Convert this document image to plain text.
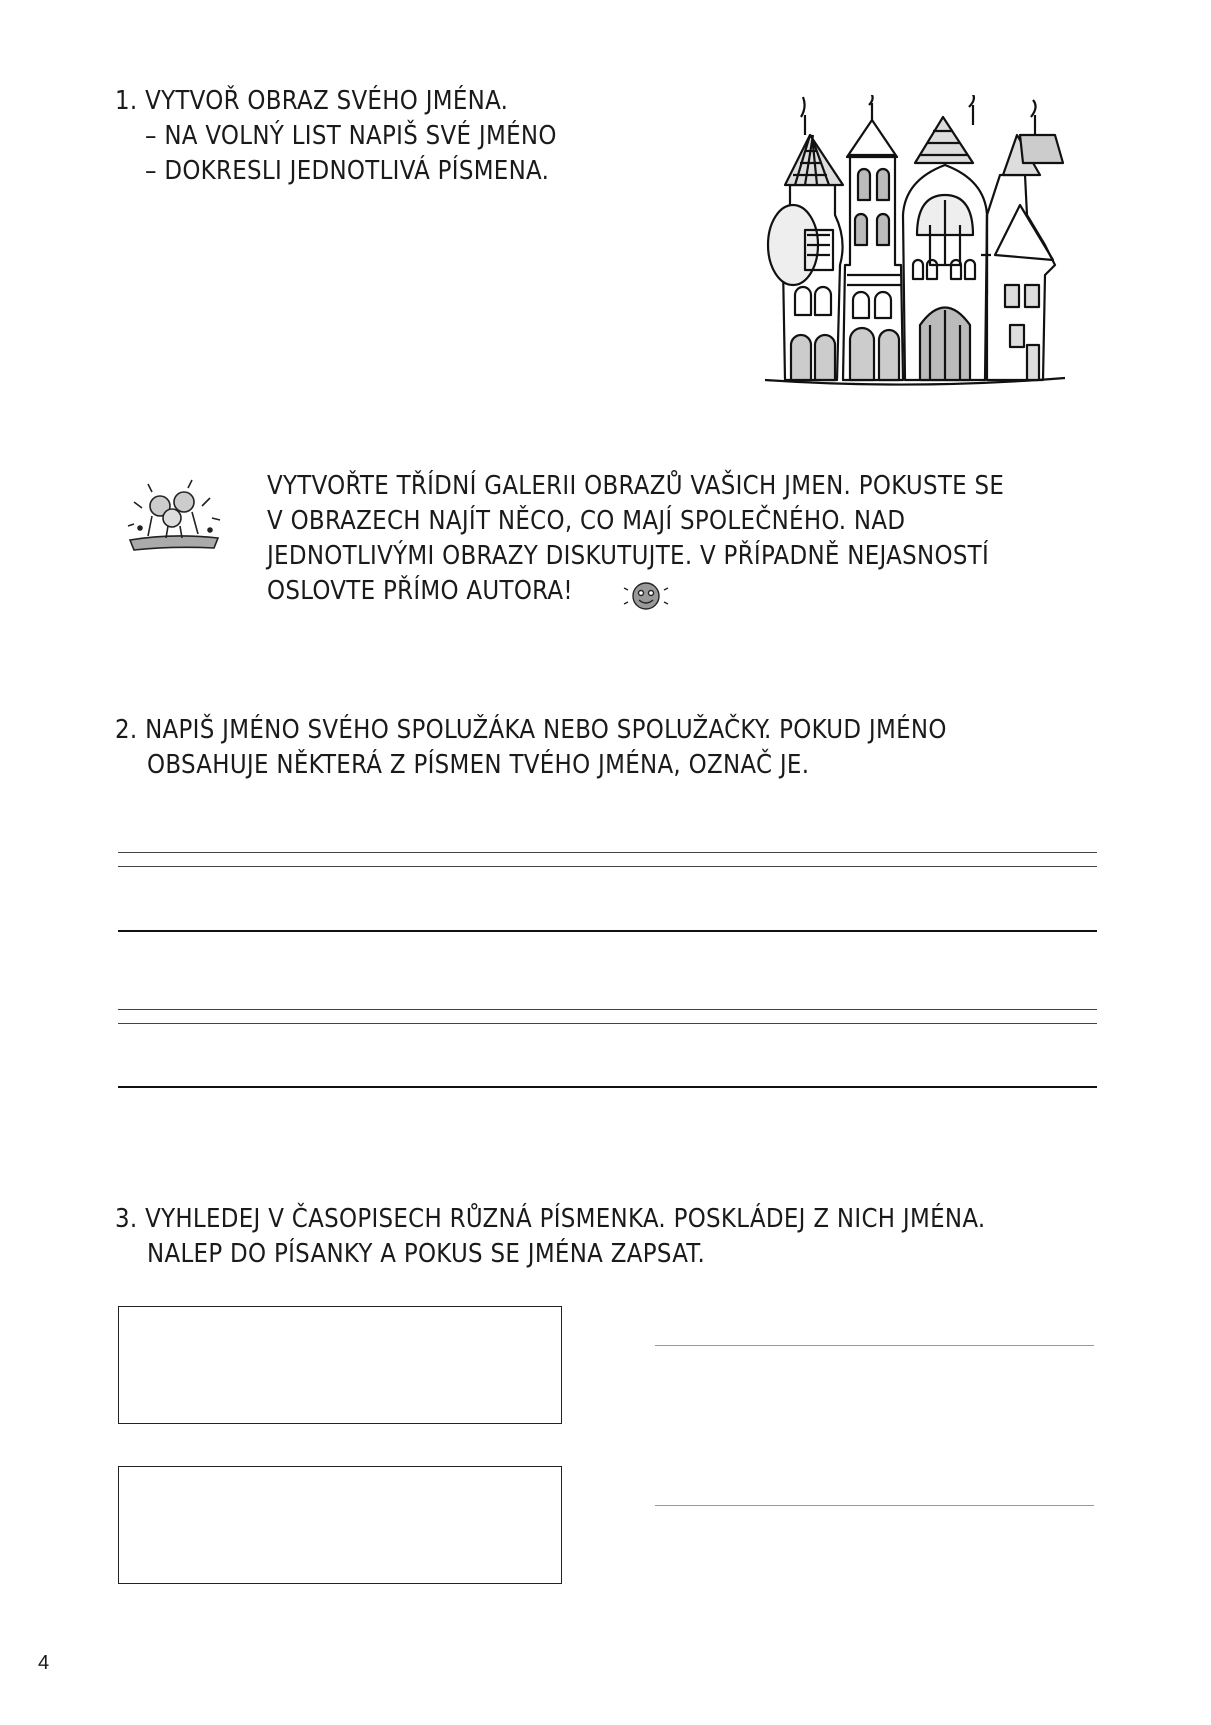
1. VYTVOŘ OBRAZ SVÉHO JMÉNA.
– NA VOLNÝ LIST NAPIŠ SVÉ JMÉNO
– DOKRESLI JEDNOTLIVÁ PÍSMENA.
VYTVOŘTE TŘÍDNÍ GALERII OBRAZŮ VAŠICH JMEN. POKUSTE SE
V OBRAZECH NAJÍT NĚCO, CO MAJÍ SPOLEČNÉHO. NAD
JEDNOTLIVÝMI OBRAZY DISKUTUJTE. V PŘÍPADNĚ NEJASNOSTÍ
OSLOVTE PŘÍMO AUTORA!
2. NAPIŠ JMÉNO SVÉHO SPOLUŽÁKA NEBO SPOLUŽAČKY. POKUD JMÉNO
OBSAHUJE NĚKTERÁ Z PÍSMEN TVÉHO JMÉNA, OZNAČ JE.
3. VYHLEDEJ V ČASOPISECH RŮZNÁ PÍSMENKA. POSKLÁDEJ Z NICH JMÉNA.
NALEP DO PÍSANKY A POKUS SE JMÉNA ZAPSAT.
4
